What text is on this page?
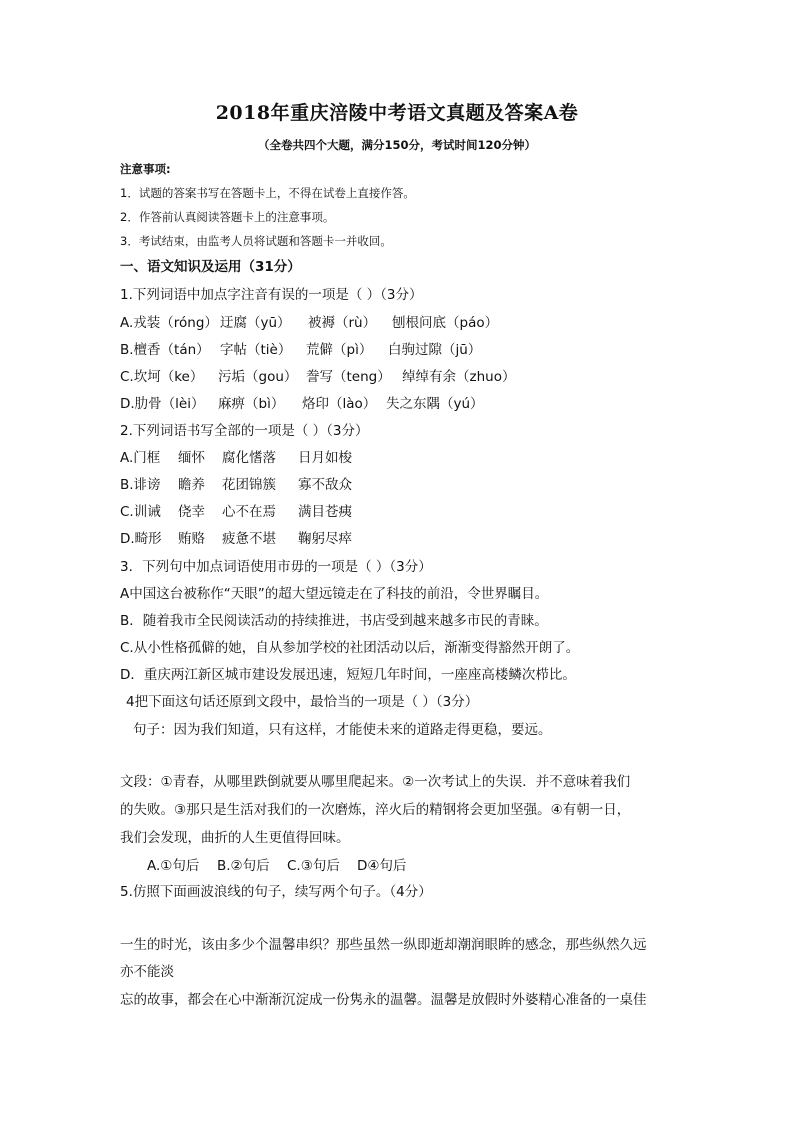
2018年重庆涪陵中考语文真题及答案A卷
（全卷共四个大题，满分150分，考试时间120分钟）
注意事项:
1．试题的答案书写在答题卡上，不得在试卷上直接作答。
2．作答前认真阅读答题卡上的注意事项。
3．考试结束，由监考人员将试题和答题卡一并收回。
一、语文知识及运用（31分）
1.下列词语中加点字注音有误的一项是（ ）（3分）
A.戎装（róng） 迂腐（yū） 被褥（rù） 刨根问底（páo）
B.檀香（tán） 字帖（tiè） 荒僻（pì） 白驹过隙（jū）
C.坎坷（ke） 污垢（gou） 誊写（teng） 绰绰有余（zhuo）
D.肋骨（lèi） 麻痹（bì） 烙印（lào） 失之东隅（yú）
2.下列词语书写全部的一项是（ ）（3分）
A.门框 缅怀 腐化愭落 日月如梭
B.诽谤 瞻养 花团锦簇 寡不敌众
C.训诫 侥幸 心不在焉 满目苍痍
D.畸形 贿赂 疲惫不堪 鞠躬尽瘁
3．下列句中加点词语使用市毋的一项是（ ）（3分）
A中国这台被称作“天眼”的超大望远镜走在了科技的前沿，令世界瞩目。
B．随着我市全民阅读活动的持续推进，书店受到越来越多市民的青睐。
C.从小性格孤僻的她，自从参加学校的社团活动以后，渐渐变得豁然开朗了。
D．重庆两江新区城市建设发展迅速，短短几年时间，一座座高楼鳞次栉比。
4把下面这句话还原到文段中，最恰当的一项是（ ）（3分）
句子：因为我们知道，只有这样，才能使未来的道路走得更稳，要远。
文段：①青春，从哪里跌倒就要从哪里爬起来。②一次考试上的失误．并不意味着我们
的失败。③那只是生活对我们的一次磨炼，淬火后的精钢将会更加坚强。④有朝一日，
我们会发现，曲折的人生更值得回味。
A.①句后 B.②句后 C.③句后 D④句后
5.仿照下面画波浪线的句子，续写两个句子。（4分）
一生的时光，该由多少个温馨串织？那些虽然一纵即逝却潮润眼眸的感念，那些纵然久远
亦不能淡
忘的故事，都会在心中渐渐沉淀成一份隽永的温馨。温馨是放假时外婆精心准备的一桌佳
